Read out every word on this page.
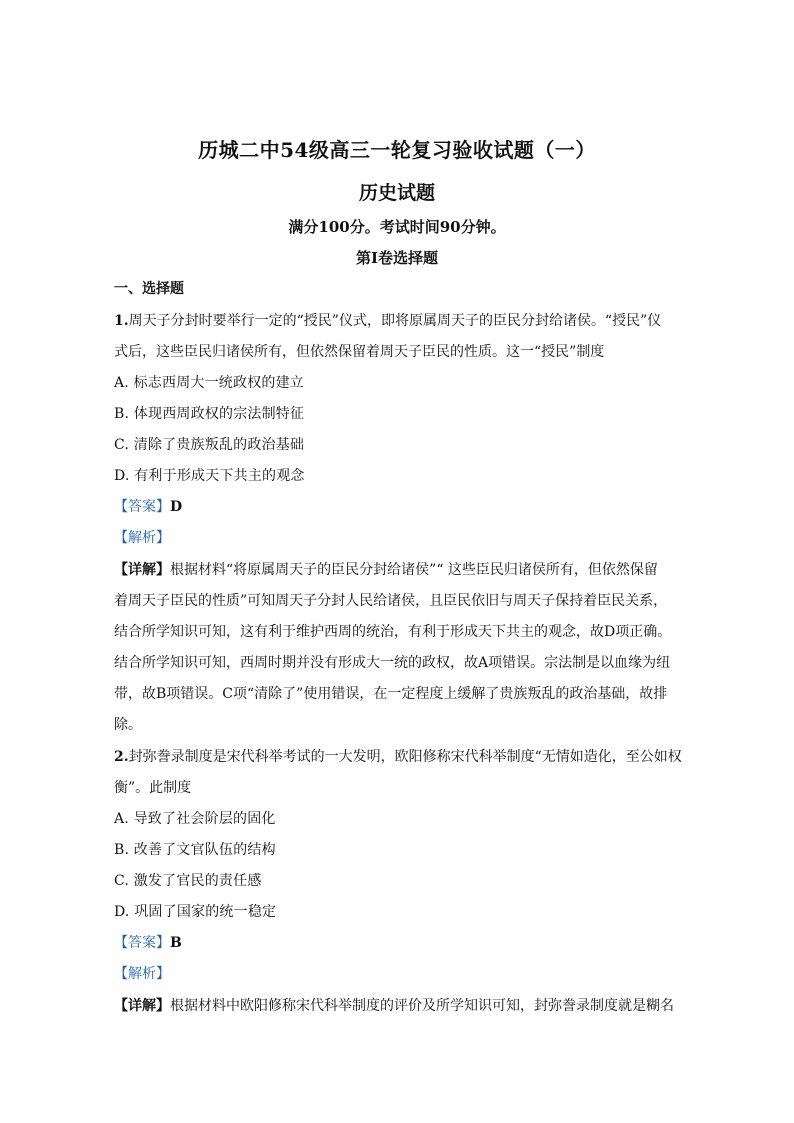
历城二中54级高三一轮复习验收试题（一）
历史试题
满分100分。考试时间90分钟。
第I卷选择题
一、选择题
1.周天子分封时要举行一定的“授民”仪式，即将原属周天子的臣民分封给诸侯。“授民”仪
式后，这些臣民归诸侯所有，但依然保留着周天子臣民的性质。这一“授民”制度
A. 标志西周大一统政权的建立
B. 体现西周政权的宗法制特征
C. 清除了贵族叛乱的政治基础
D. 有利于形成天下共主的观念
【答案】D
【解析】
【详解】根据材料“将原属周天子的臣民分封给诸侯”“ 这些臣民归诸侯所有，但依然保留
着周天子臣民的性质”可知周天子分封人民给诸侯，且臣民依旧与周天子保持着臣民关系，
结合所学知识可知，这有利于维护西周的统治，有利于形成天下共主的观念，故D项正确。
结合所学知识可知，西周时期并没有形成大一统的政权，故A项错误。宗法制是以血缘为纽
带，故B项错误。C项“清除了”使用错误，在一定程度上缓解了贵族叛乱的政治基础，故排
除。
2.封弥誊录制度是宋代科举考试的一大发明，欧阳修称宋代科举制度“无情如造化，至公如权
衡”。此制度
A. 导致了社会阶层的固化
B. 改善了文官队伍的结构
C. 激发了官民的责任感
D. 巩固了国家的统一稳定
【答案】B
【解析】
【详解】根据材料中欧阳修称宋代科举制度的评价及所学知识可知，封弥誊录制度就是糊名
